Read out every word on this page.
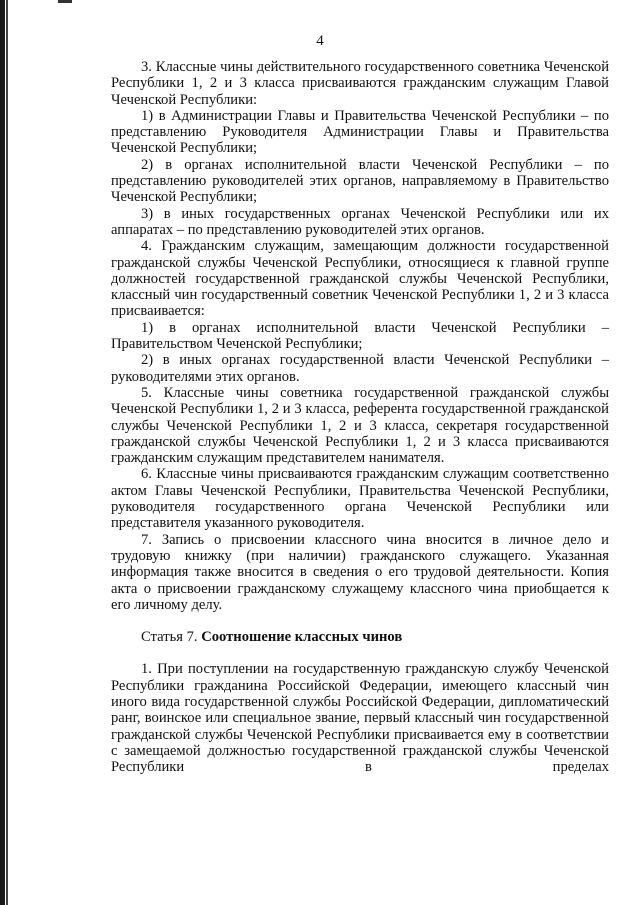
4

3. Классные чины действительного государственного советника Чеченской Республики 1, 2 и 3 класса присваиваются гражданским служащим Главой Чеченской Республики:

1) в Администрации Главы и Правительства Чеченской Республики – по представлению Руководителя Администрации Главы и Правительства Чеченской Республики;

2) в органах исполнительной власти Чеченской Республики – по представлению руководителей этих органов, направляемому в Правительство Чеченской Республики;

3) в иных государственных органах Чеченской Республики или их аппаратах – по представлению руководителей этих органов.

4. Гражданским служащим, замещающим должности государственной гражданской службы Чеченской Республики, относящиеся к главной группе должностей государственной гражданской службы Чеченской Республики, классный чин государственный советник Чеченской Республики 1, 2 и 3 класса присваивается:

1) в органах исполнительной власти Чеченской Республики – Правительством Чеченской Республики;

2) в иных органах государственной власти Чеченской Республики – руководителями этих органов.

5. Классные чины советника государственной гражданской службы Чеченской Республики 1, 2 и 3 класса, референта государственной гражданской службы Чеченской Республики 1, 2 и 3 класса, секретаря государственной гражданской службы Чеченской Республики 1, 2 и 3 класса присваиваются гражданским служащим представителем нанимателя.

6. Классные чины присваиваются гражданским служащим соответственно актом Главы Чеченской Республики, Правительства Чеченской Республики, руководителя государственного органа Чеченской Республики или представителя указанного руководителя.

7. Запись о присвоении классного чина вносится в личное дело и трудовую книжку (при наличии) гражданского служащего. Указанная информация также вносится в сведения о его трудовой деятельности. Копия акта о присвоении гражданскому служащему классного чина приобщается к его личному делу.

Статья 7. Соотношение классных чинов

1. При поступлении на государственную гражданскую службу Чеченской Республики гражданина Российской Федерации, имеющего классный чин иного вида государственной службы Российской Федерации, дипломатический ранг, воинское или специальное звание, первый классный чин государственной гражданской службы Чеченской Республики присваивается ему в соответствии с замещаемой должностью государственной гражданской службы Чеченской Республики в пределах
